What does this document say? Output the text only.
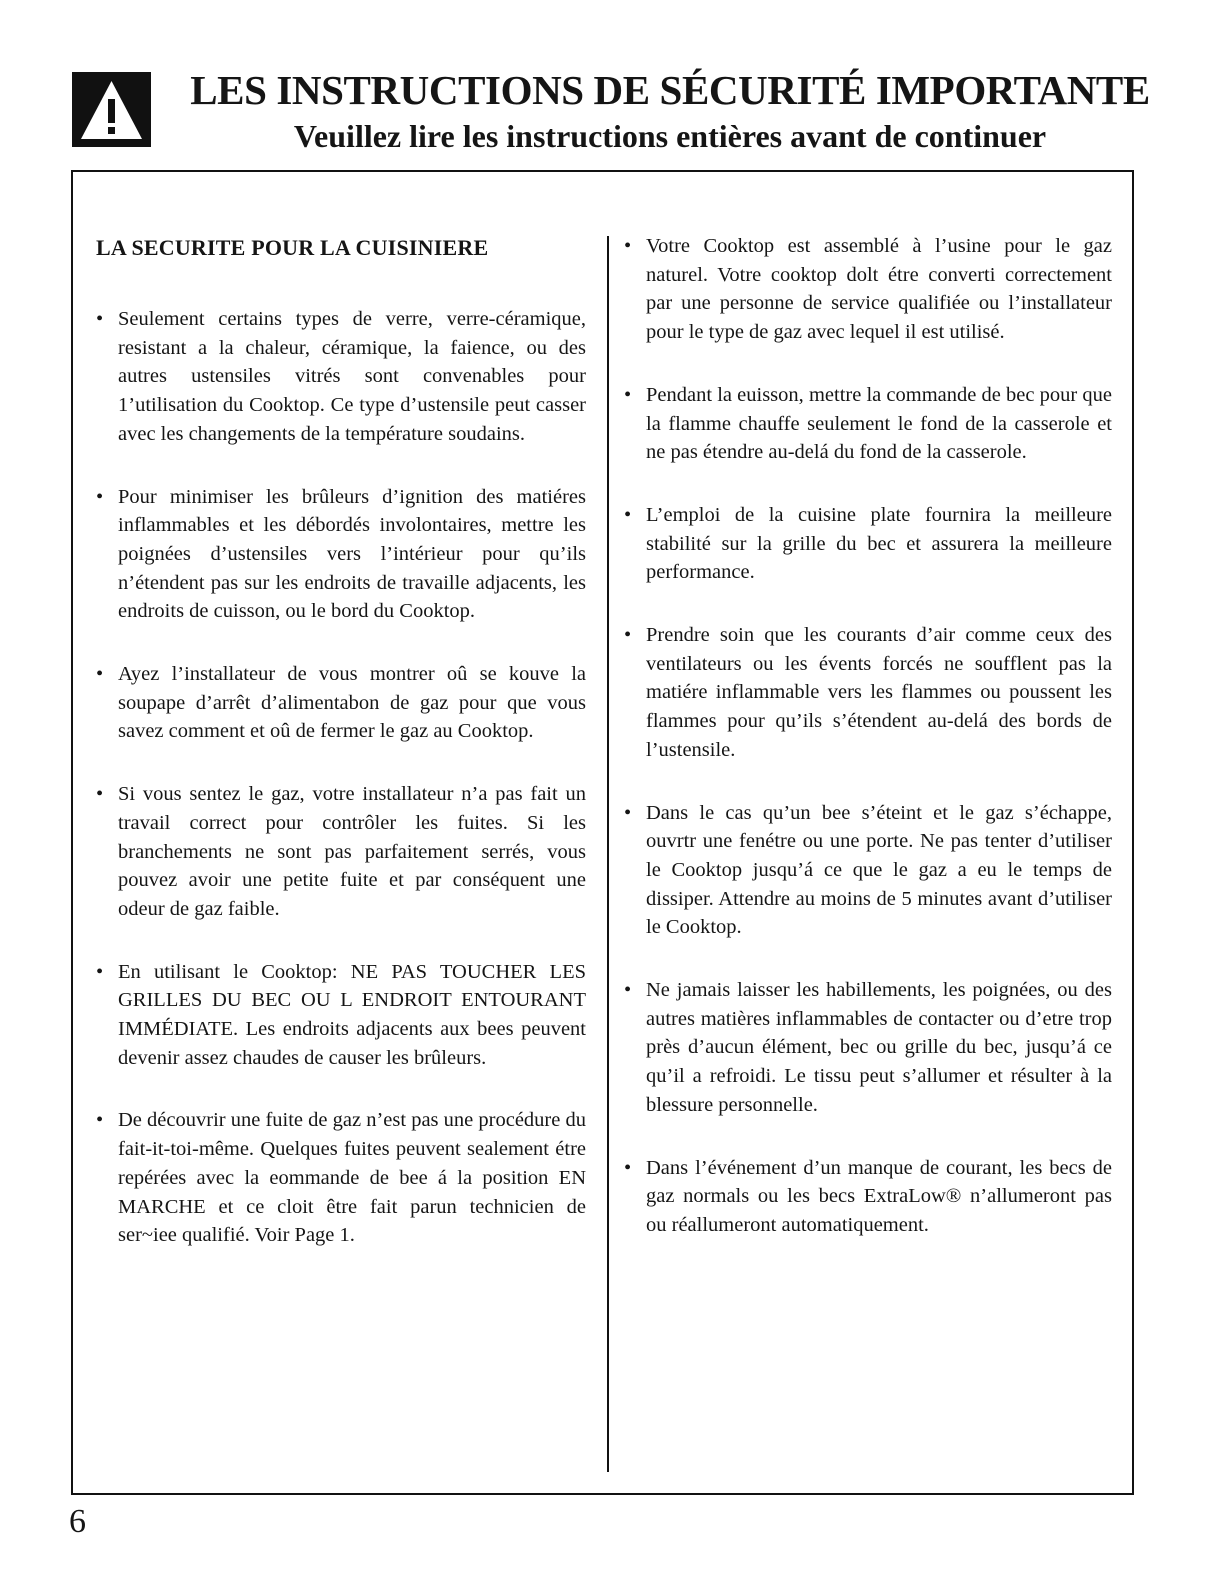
LES INSTRUCTIONS DE SÉCURITÉ IMPORTANTE
Veuillez lire les instructions entières avant de continuer
LA SECURITE POUR LA CUISINIERE
• Seulement certains types de verre, verre-céramique, resistant a la chaleur, céramique, la faience, ou des autres ustensiles vitrés sont convenables pour 1’utilisation du Cooktop. Ce type d’ustensile peut casser avec les changements de la température soudains.
• Pour minimiser les brûleurs d’ignition des matiéres inflammables et les débordés involontaires, mettre les poignées d’ustensiles vers l’intérieur pour qu’ils n’étendent pas sur les endroits de travaille adjacents, les endroits de cuisson, ou le bord du Cooktop.
• Ayez l’installateur de vous montrer oû se kouve la soupape d’arrêt d’alimentabon de gaz pour que vous savez comment et oû de fermer le gaz au Cooktop.
• Si vous sentez le gaz, votre installateur n’a pas fait un travail correct pour contrôler les fuites. Si les branchements ne sont pas parfaitement serrés, vous pouvez avoir une petite fuite et par conséquent une odeur de gaz faible.
• En utilisant le Cooktop: NE PAS TOUCHER LES GRILLES DU BEC OU L ENDROIT ENTOURANT IMMÉDIATE. Les endroits adjacents aux bees peuvent devenir assez chaudes de causer les brûleurs.
• De découvrir une fuite de gaz n’est pas une procédure du fait-it-toi-même. Quelques fuites peuvent sealement étre repérées avec la eommande de bee á la position EN MARCHE et ce cloit être fait parun technicien de ser~iee qualifié. Voir Page 1.
• Votre Cooktop est assemblé à l’usine pour le gaz naturel. Votre cooktop dolt étre converti correctement par une personne de service qualifiée ou l’installateur pour le type de gaz avec lequel il est utilisé.
• Pendant la euisson, mettre la commande de bec pour que la flamme chauffe seulement le fond de la casserole et ne pas étendre au-delá du fond de la casserole.
• L’emploi de la cuisine plate fournira la meilleure stabilité sur la grille du bec et assurera la meilleure performance.
• Prendre soin que les courants d’air comme ceux des ventilateurs ou les évents forcés ne soufflent pas la matiére inflammable vers les flammes ou poussent les flammes pour qu’ils s’étendent au-delá des bords de l’ustensile.
• Dans le cas qu’un bee s’éteint et le gaz s’échappe, ouvrtr une fenétre ou une porte. Ne pas tenter d’utiliser le Cooktop jusqu’á ce que le gaz a eu le temps de dissiper. Attendre au moins de 5 minutes avant d’utiliser le Cooktop.
• Ne jamais laisser les habillements, les poignées, ou des autres matières inflammables de contacter ou d’etre trop près d’aucun élément, bec ou grille du bec, jusqu’á ce qu’il a refroidi. Le tissu peut s’allumer et résulter à la blessure personnelle.
• Dans l’événement d’un manque de courant, les becs de gaz normals ou les becs ExtraLow® n’allumeront pas ou réallumeront automatiquement.
6
